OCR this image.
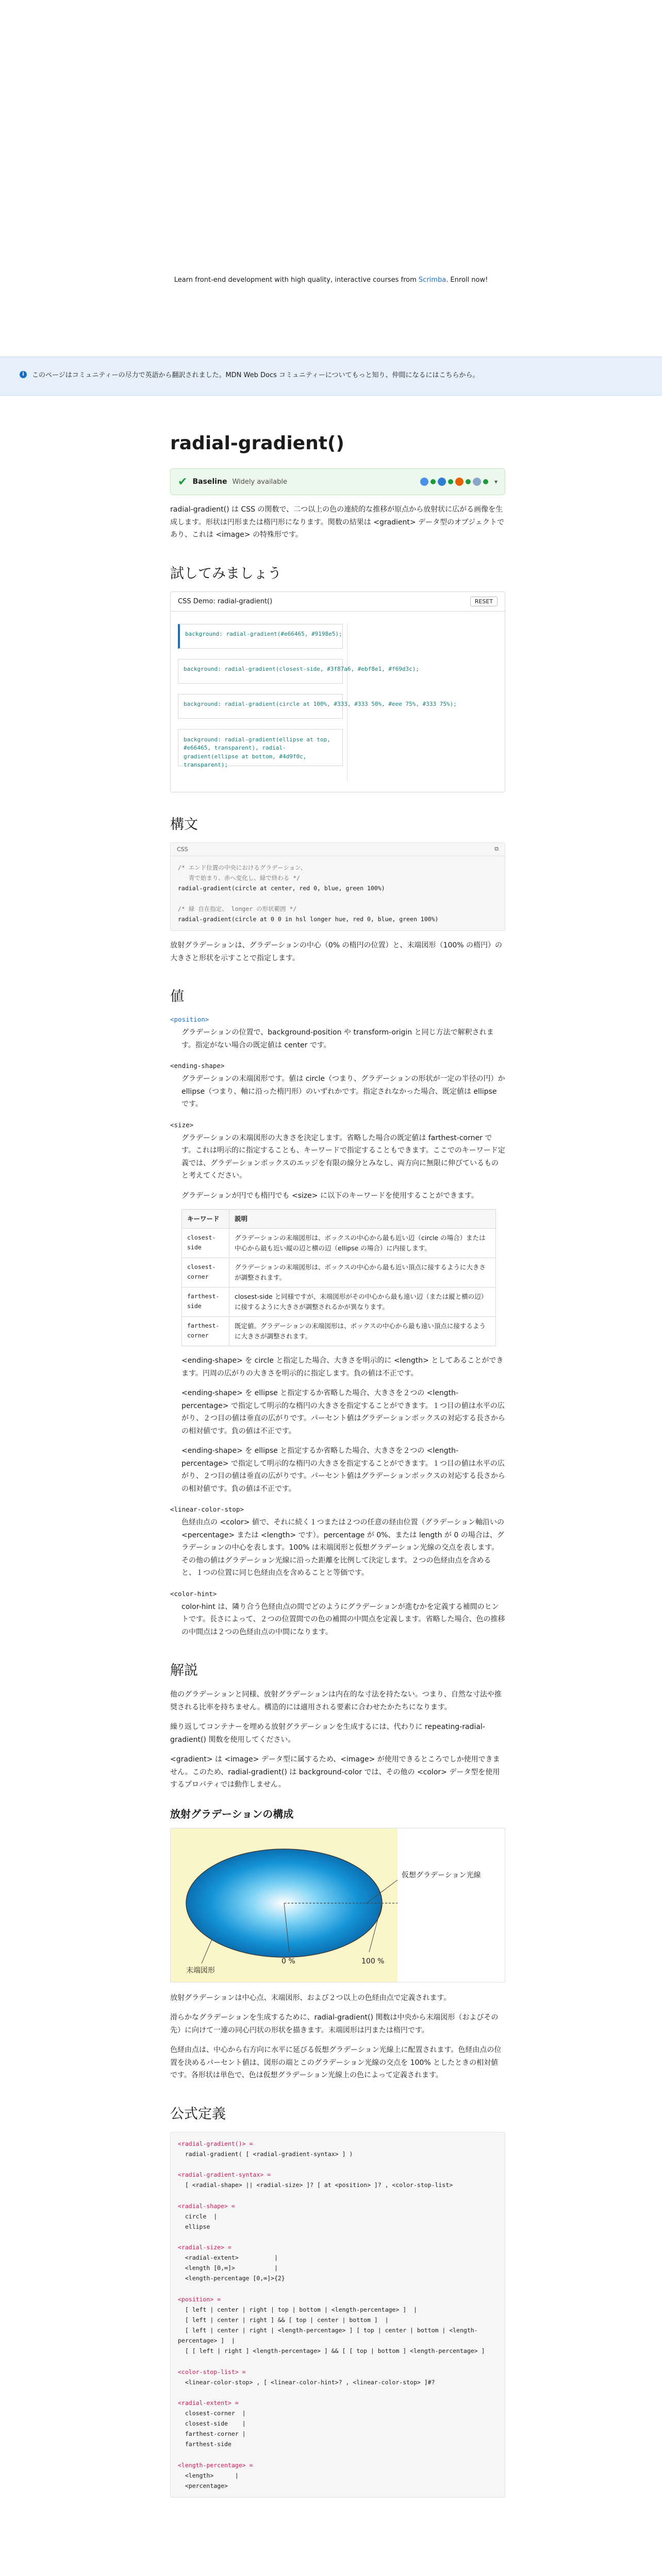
Learn front-end development with high quality, interactive courses from Scrimba. Enroll now!
i	このページはコミュニティーの尽力で英語から翻訳されました。MDN Web Docs コミュニティーについてもっと知り、仲間になるにはこちらから。
radial-gradient()
✔ Baseline Widely available	▾

radial-gradient() は CSS の関数で、二つ以上の色の連続的な推移が原点から放射状に広がる画像を生成します。形状は円形または楕円形になります。関数の結果は <gradient> データ型のオブジェクトであり、これは <image> の特殊形です。

試してみましょう
CSS Demo: radial-gradient()	RESET
background: radial-gradient(#e66465, #9198e5);
background: radial-gradient(closest-side, #3f87a6, #ebf8e1, #f69d3c);
background: radial-gradient(circle at 100%, #333, #333 50%, #eee 75%, #333 75%);
background: radial-gradient(ellipse at top, #e66465, transparent), radial-gradient(ellipse at bottom, #4d9f0c, transparent);
構文
CSS	⧉
/* エンド位置の中央におけるグラデーション、
青で始まり、赤へ変化し、緑で終わる */
radial-gradient(circle at center, red 0, blue, green 100%)

/* 緑 自在指定、 longer の形状範囲 */
radial-gradient(circle at 0 0 in hsl longer hue, red 0, blue, green 100%)

放射グラデーションは、グラデーションの中心（0% の楕円の位置）と、末端図形（100% の楕円）の大きさと形状を示すことで指定します。

値
<position>

グラデーションの位置で、background-position や transform-origin と同じ方法で解釈されます。指定がない場合の既定値は center です。

<ending-shape>

グラデーションの末端図形です。値は circle（つまり、グラデーションの形状が一定の半径の円）か ellipse（つまり、軸に沿った楕円形）のいずれかです。指定されなかった場合、既定値は ellipse です。

<size>

グラデーションの末端図形の大きさを決定します。省略した場合の既定値は farthest-corner です。これは明示的に指定することも、キーワードで指定することもできます。ここでのキーワード定義では、グラデーションボックスのエッジを有限の線分とみなし、両方向に無限に伸びているものと考えてください。

グラデーションが円でも楕円でも <size> に以下のキーワードを使用することができます。

キーワード	説明
closest-side	グラデーションの末端図形は、ボックスの中心から最も近い辺（circle の場合）または中心から最も近い縦の辺と横の辺（ellipse の場合）に内接します。
closest-corner	グラデーションの末端図形は、ボックスの中心から最も近い頂点に接するように大きさが調整されます。
farthest-side	closest-side と同様ですが、末端図形がその中心から最も遠い辺（または縦と横の辺）に接するように大きさが調整されるかが異なります。
farthest-corner	既定値。グラデーションの末端図形は、ボックスの中心から最も遠い頂点に接するように大きさが調整されます。

<ending-shape> を circle と指定した場合、大きさを明示的に <length> としてあることができます。円周の広がりの大きさを明示的に指定します。負の値は不正です。

<ending-shape> を ellipse と指定するか省略した場合、大きさを２つの <length-percentage> で指定して明示的な楕円の大きさを指定することができます。１つ目の値は水平の広がり、２つ目の値は垂直の広がりです。パーセント値はグラデーションボックスの対応する長さからの相対値です。負の値は不正です。

<ending-shape> を ellipse と指定するか省略した場合、大きさを２つの <length-percentage> で指定して明示的な楕円の大きさを指定することができます。１つ目の値は水平の広がり、２つ目の値は垂直の広がりです。パーセント値はグラデーションボックスの対応する長さからの相対値です。負の値は不正です。

<linear-color-stop>

色経由点の <color> 値で、それに続く１つまたは２つの任意の経由位置（グラデーション軸沿いの <percentage> または <length> です）。percentage が 0%、または length が 0 の場合は、グラデーションの中心を表します。100% は末端図形と仮想グラデーション光線の交点を表します。その他の値はグラデーション光線に沿った距離を比例して決定します。２つの色経由点を含めると、１つの位置に同じ色経由点を含めることと等価です。

<color-hint>

color-hint は、隣り合う色経由点の間でどのようにグラデーションが進むかを定義する補間のヒントです。長さによって、２つの位置間での色の補間の中間点を定義します。省略した場合、色の推移の中間点は２つの色経由点の中間になります。

解説

他のグラデーションと同様、放射グラデーションは内在的な寸法を持たない。つまり、自然な寸法や推奨される比率を持ちません。構造的には適用される要素に合わせたかたちになります。

繰り返してコンテナーを埋める放射グラデーションを生成するには、代わりに repeating-radial-gradient() 関数を使用してください。

<gradient> は <image> データ型に属するため、<image> が使用できるところでしか使用できません。このため、radial-gradient() は background-color では、その他の <color> データ型を使用するプロパティでは動作しません。

放射グラデーションの構成
仮想グラデーション光線
0 %	100 %
末端図形

放射グラデーションは中心点、末端図形、および２つ以上の色経由点で定義されます。

滑らかなグラデーションを生成するために、radial-gradient() 関数は中央から末端図形（およびその先）に向けて一連の同心円状の形状を描きます。末端図形は円または楕円です。

色経由点は、中心から右方向に水平に延びる仮想グラデーション光線上に配置されます。色経由点の位置を決めるパーセント値は、図形の端とこのグラデーション光線の交点を 100% としたときの相対値です。各形状は単色で、色は仮想グラデーション光線上の色によって定義されます。

公式定義
<radial-gradient()> =
radial-gradient( [ <radial-gradient-syntax> ] )

<radial-gradient-syntax> =
[ <radial-shape> || <radial-size> ]? [ at <position> ]? , <color-stop-list>

<radial-shape> =
circle  |
ellipse

<radial-size> =
<radial-extent>          |
<length [0,∞]>           |
<length-percentage [0,∞]>{2}

<position> =
[ left | center | right | top | bottom | <length-percentage> ]  |
[ left | center | right ] && [ top | center | bottom ]  |
[ left | center | right | <length-percentage> ] [ top | center | bottom | <length-percentage> ]  |
[ [ left | right ] <length-percentage> ] && [ [ top | bottom ] <length-percentage> ]

<color-stop-list> =
<linear-color-stop> , [ <linear-color-hint>? , <linear-color-stop> ]#?

<radial-extent> =
closest-corner  |
closest-side    |
farthest-corner |
farthest-side

<length-percentage> =
<length>      |
<percentage>
